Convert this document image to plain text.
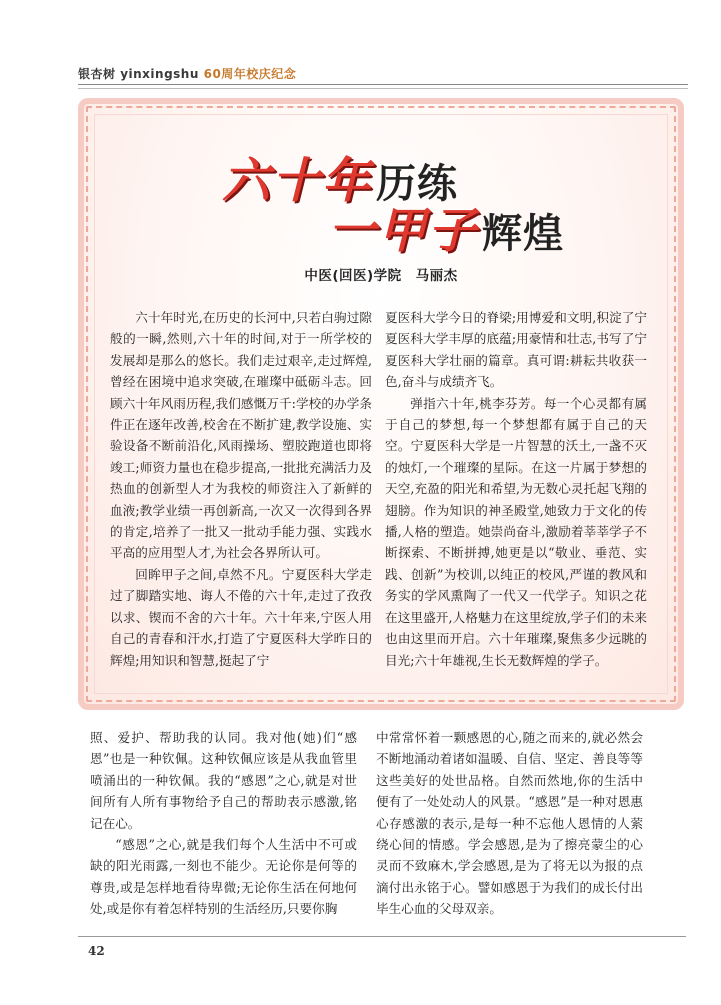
银杏树 yinxingshu 60周年校庆纪念
六十年 历练
一甲子 辉煌
中医(回医)学院　马丽杰

六十年时光,在历史的长河中,只若白驹过隙般的一瞬,然则,六十年的时间,对于一所学校的发展却是那么的悠长。我们走过艰辛,走过辉煌,曾经在困境中追求突破,在璀璨中砥砺斗志。回顾六十年风雨历程,我们感慨万千:学校的办学条件正在逐年改善,校舍在不断扩建,教学设施、实验设备不断前沿化,风雨操场、塑胶跑道也即将竣工;师资力量也在稳步提高,一批批充满活力及热血的创新型人才为我校的师资注入了新鲜的血液;教学业绩一再创新高,一次又一次得到各界的肯定,培养了一批又一批动手能力强、实践水平高的应用型人才,为社会各界所认可。

回眸甲子之间,卓然不凡。宁夏医科大学走过了脚踏实地、诲人不倦的六十年,走过了孜孜以求、锲而不舍的六十年。六十年来,宁医人用自己的青春和汗水,打造了宁夏医科大学昨日的辉煌;用知识和智慧,挺起了宁

夏医科大学今日的脊梁;用博爱和文明,积淀了宁夏医科大学丰厚的底蕴;用豪情和壮志,书写了宁夏医科大学壮丽的篇章。真可谓:耕耘共收获一色,奋斗与成绩齐飞。

弹指六十年,桃李芬芳。每一个心灵都有属于自己的梦想,每一个梦想都有属于自己的天空。宁夏医科大学是一片智慧的沃土,一盏不灭的烛灯,一个璀璨的星际。在这一片属于梦想的天空,充盈的阳光和希望,为无数心灵托起飞翔的翅膀。作为知识的神圣殿堂,她致力于文化的传播,人格的塑造。她崇尚奋斗,激励着莘莘学子不断探索、不断拼搏,她更是以“敬业、垂范、实践、创新”为校训,以纯正的校风,严谨的教风和务实的学风熏陶了一代又一代学子。知识之花在这里盛开,人格魅力在这里绽放,学子们的未来也由这里而开启。六十年璀璨,聚焦多少远眺的目光;六十年雄视,生长无数辉煌的学子。

照、爱护、帮助我的认同。我对他(她)们“感恩”也是一种钦佩。这种钦佩应该是从我血管里喷涌出的一种钦佩。我的“感恩”之心,就是对世间所有人所有事物给予自己的帮助表示感激,铭记在心。

“感恩”之心,就是我们每个人生活中不可或缺的阳光雨露,一刻也不能少。无论你是何等的尊贵,或是怎样地看待卑微;无论你生活在何地何处,或是你有着怎样特别的生活经历,只要你胸

中常常怀着一颗感恩的心,随之而来的,就必然会不断地涌动着诸如温暖、自信、坚定、善良等等这些美好的处世品格。自然而然地,你的生活中便有了一处处动人的风景。“感恩”是一种对恩惠心存感激的表示,是每一种不忘他人恩情的人萦绕心间的情感。学会感恩,是为了擦亮蒙尘的心灵而不致麻木,学会感恩,是为了将无以为报的点滴付出永铭于心。譬如感恩于为我们的成长付出毕生心血的父母双亲。

42
